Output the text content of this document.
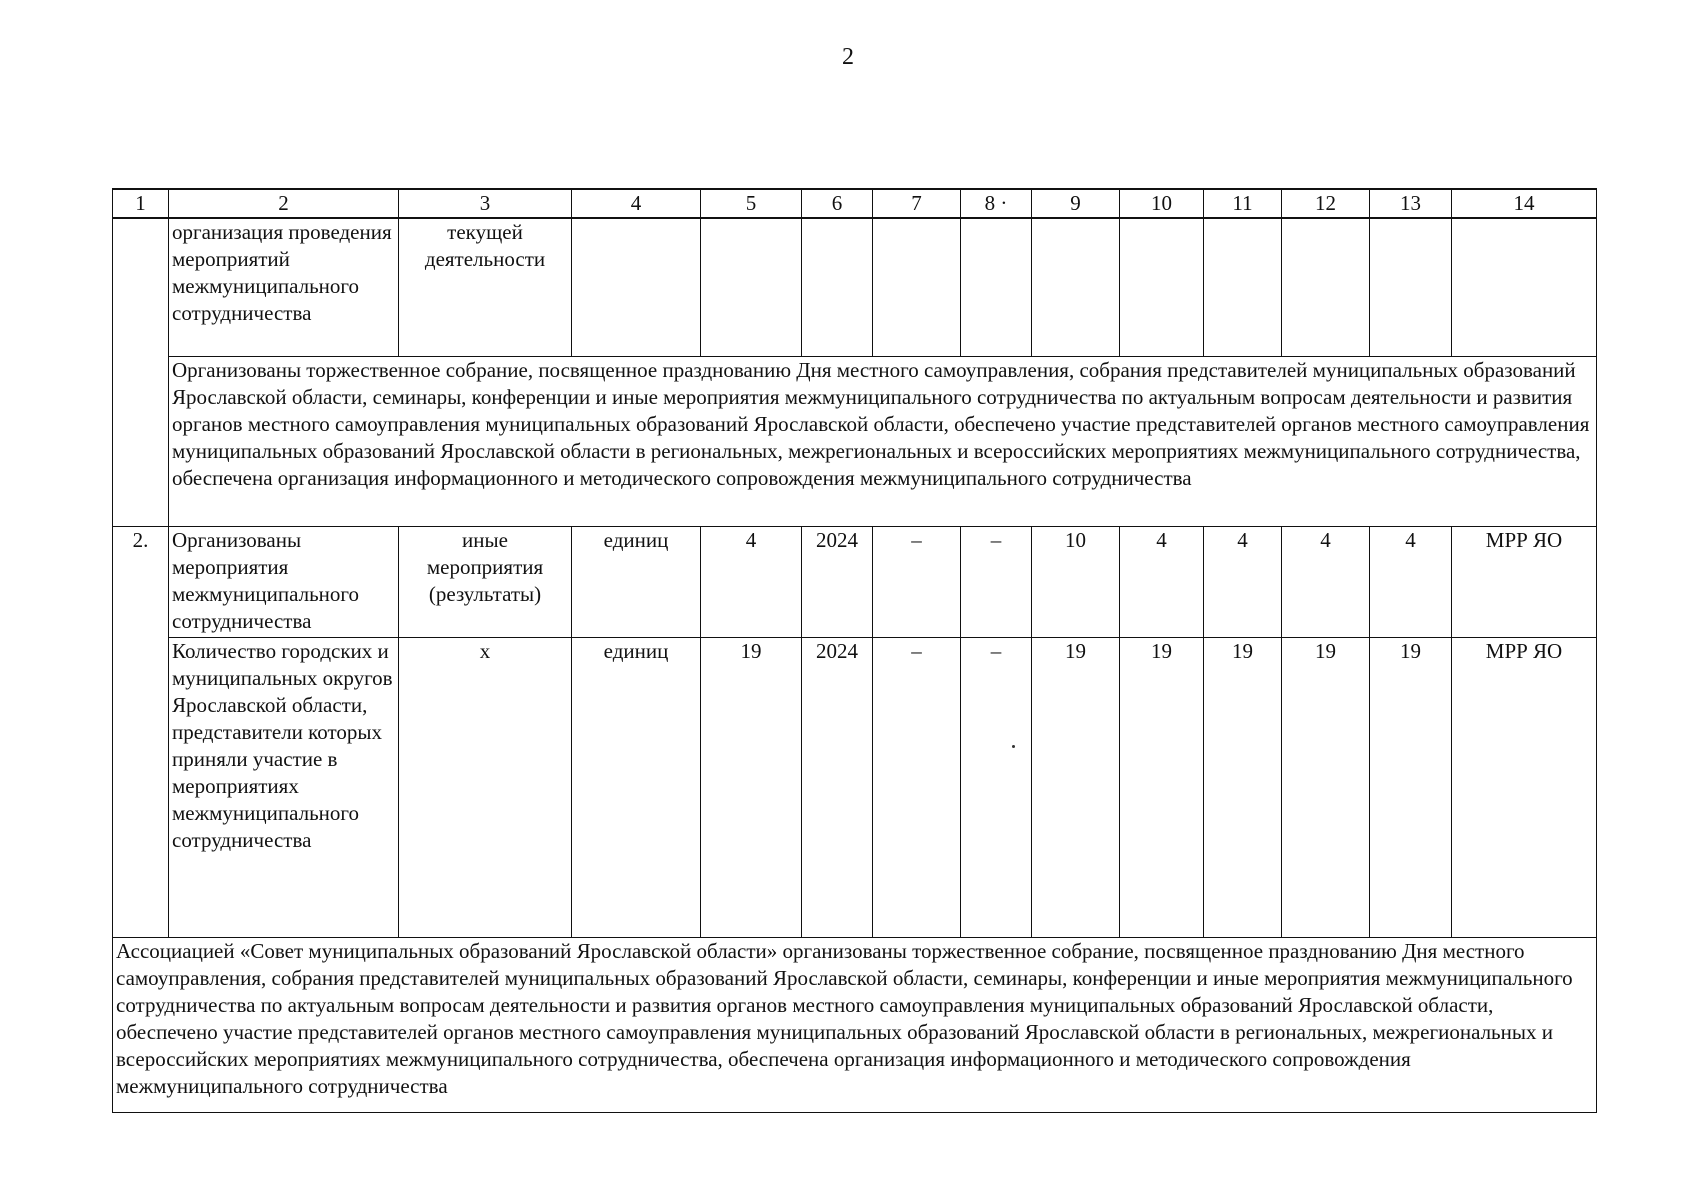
2
1	2	3	4	5	6	7	8 ·	9	10	11	12	13	14
	организация проведения мероприятий межмуниципального сотрудничества	текущей деятельности											
	Организованы торжественное собрание, посвященное празднованию Дня местного самоуправления, собрания представителей муниципальных образований Ярославской области, семинары, конференции и иные мероприятия межмуниципального сотрудничества по актуальным вопросам деятельности и развития органов местного самоуправления муниципальных образований Ярославской области, обеспечено участие представителей органов местного самоуправления муниципальных образований Ярославской области в региональных, межрегиональных и всероссийских мероприятиях межмуниципального сотрудничества, обеспечена организация информационного и методического сопровождения межмуниципального сотрудничества												
2.	Организованы мероприятия межмуниципального сотрудничества	иные мероприятия (результаты)	единиц	4	2024	–	–	10	4	4	4	4	МРР ЯО
	Количество городских и муниципальных округов Ярославской области, представители которых приняли участие в мероприятиях межмуниципального сотрудничества	x	единиц	19	2024	–	–	19	19	19	19	19	МРР ЯО
Ассоциацией «Совет муниципальных образований Ярославской области» организованы торжественное собрание, посвященное празднованию Дня местного самоуправления, собрания представителей муниципальных образований Ярославской области, семинары, конференции и иные мероприятия межмуниципального сотрудничества по актуальным вопросам деятельности и развития органов местного самоуправления муниципальных образований Ярославской области, обеспечено участие представителей органов местного самоуправления муниципальных образований Ярославской области в региональных, межрегиональных и всероссийских мероприятиях межмуниципального сотрудничества, обеспечена организация информационного и методического сопровождения межмуниципального сотрудничества													
